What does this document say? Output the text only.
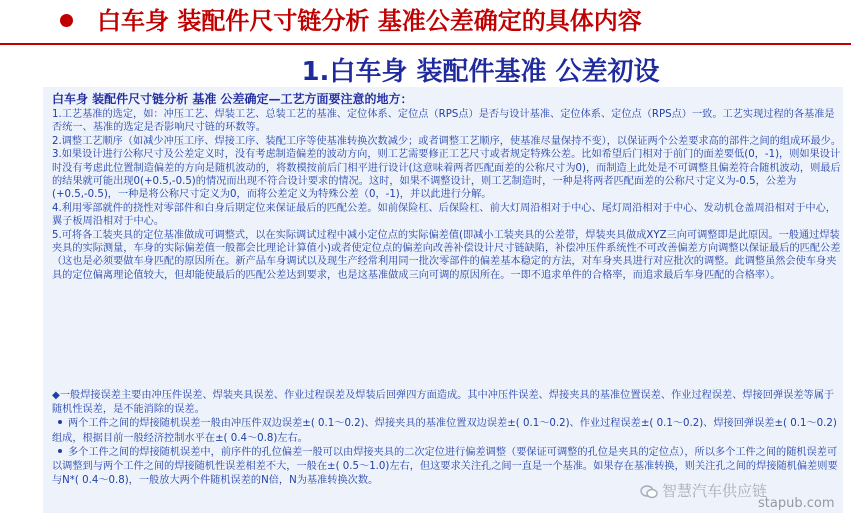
白车身 装配件尺寸链分析 基准公差确定的具体内容
1.白车身 装配件基准 公差初设
白车身 装配件尺寸链分析 基准 公差确定—工艺方面要注意的地方：
1.工艺基准的选定，如：冲压工艺、焊装工艺、总装工艺的基准、定位体系、定位点（RPS点）是否与设计基准、定位体系、定位点（RPS点）一致。工艺实现过程的各基准是否统一、基准的选定是否影响尺寸链的环数等。
2.调整工艺顺序（如减少冲压工序、焊接工序、装配工序等使基准转换次数减少；或者调整工艺顺序，使基准尽量保持不变），以保证两个公差要求高的部件之间的组成环最少。
3.如果设计进行公称尺寸及公差定义时，没有考虑制造偏差的波动方向，则工艺需要修正工艺尺寸或者规定特殊公差。比如希望后门相对于前门的面差要低(0，-1)，则如果设计时没有考虑此位置制造偏差的方向是随机波动的，将数模按前后门相平进行设计(这意味着两者匹配面差的公称尺寸为0)，而制造上此处是不可调整且偏差符合随机波动，则最后的结果就可能出现0(+0.5,-0.5)的情况而出现不符合设计要求的情况。这时，如果不调整设计，则工艺制造时，一种是将两者匹配面差的公称尺寸定义为-0.5，公差为(+0.5,-0.5)，一种是将公称尺寸定义为0，而将公差定义为特殊公差（0，-1)，并以此进行分解。
4.利用零部就件的挠性对零部件和白身后期定位来保证最后的匹配公差。如前保险杠、后保险杠、前大灯周沿相对于中心、尾灯周沿相对于中心、发动机仓盖周沿相对于中心，翼子板周沿相对于中心。
5.可将各工装夹具的定位基准做成可调整式，以在实际调试过程中减小定位点的实际偏差值(即减小工装夹具的公差带，焊装夹具做成XYZ三向可调整即是此原因。一般通过焊装夹具的实际测量，车身的实际偏差值一般都会比理论计算值小)或者使定位点的偏差向改善补偿设计尺寸链缺陷，补偿冲压件系统性不可改善偏差方向调整以保证最后的匹配公差（这也是必须要做车身匹配的原因所在。新产品车身调试以及现生产经常利用同一批次零部件的偏差基本稳定的方法，对车身夹具进行对应批次的调整。此调整虽然会使车身夹具的定位偏离理论值较大，但却能使最后的匹配公差达到要求，也是这基准做成三向可调的原因所在。一即不追求单件的合格率，而追求最后车身匹配的合格率）。

◆一般焊接误差主要由冲压件误差、焊装夹具误差、作业过程误差及焊装后回弹四方面造成。其中冲压件误差、焊接夹具的基准位置误差、作业过程误差、焊接回弹误差等属于随机性误差，是不能消除的误差。

两个工件之间的焊接随机误差一般由冲压件双边误差±( 0.1～0.2)、焊接夹具的基准位置双边误差±( 0.1～0.2)、作业过程误差±( 0.1～0.2)、焊接回弹误差±( 0.1～0.2)组成，根据目前一般经济控制水平在±( 0.4～0.8)左右。

多个工件之间的焊接随机误差中，前序件的孔位偏差一般可以由焊接夹具的二次定位进行偏差调整（要保证可调整的孔位是夹具的定位点），所以多个工件之间的随机误差可以调整到与两个工件之间的焊接随机性误差相差不大，一般在±( 0.5～1.0)左右，但这要求关注孔之间一直是一个基准。如果存在基准转换，则关注孔之间的焊接随机偏差则要与N*( 0.4～0.8)，一般放大两个件随机误差的N倍，N为基准转换次数。

智慧汽车供应链
stapub.com
